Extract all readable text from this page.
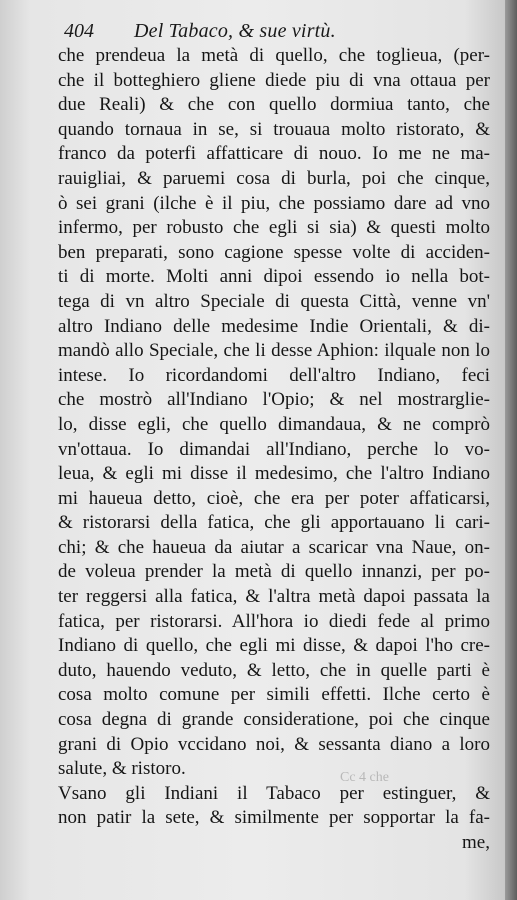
404 Del Tabaco, & sue virtù.
che prendeua la metà di quello, che toglieua, (per-
che il botteghiero gliene diede piu di vna ottaua per
due Reali) & che con quello dormiua tanto, che
quando tornaua in se, si trouaua molto ristorato, &
franco da poterfi affatticare di nouo. Io me ne ma-
rauigliai, & paruemi cosa di burla, poi che cinque,
ò sei grani (ilche è il piu, che possiamo dare ad vno
infermo, per robusto che egli si sia) & questi molto
ben preparati, sono cagione spesse volte di acciden-
ti di morte. Molti anni dipoi essendo io nella bot-
tega di vn altro Speciale di questa Città, venne vn'
altro Indiano delle medesime Indie Orientali, & di-
mandò allo Speciale, che li desse Aphion: ilquale non lo
intese. Io ricordandomi dell'altro Indiano, feci
che mostrò all'Indiano l'Opio; & nel mostrarglie-
lo, disse egli, che quello dimandaua, & ne comprò
vn'ottaua. Io dimandai all'Indiano, perche lo vo-
leua, & egli mi disse il medesimo, che l'altro Indiano
mi haueua detto, cioè, che era per poter affaticarsi,
& ristorarsi della fatica, che gli apportauano li cari-
chi; & che haueua da aiutar a scaricar vna Naue, on-
de voleua prender la metà di quello innanzi, per po-
ter reggersi alla fatica, & l'altra metà dapoi passata la
fatica, per ristorarsi. All'hora io diedi fede al primo
Indiano di quello, che egli mi disse, & dapoi l'ho cre-
duto, hauendo veduto, & letto, che in quelle parti è
cosa molto comune per simili effetti. Ilche certo è
cosa degna di grande consideratione, poi che cinque
grani di Opio vccidano noi, & sessanta diano a loro
salute, & ristoro.
Vsano gli Indiani il Tabaco per estinguer, &
non patir la sete, & similmente per sopportar la fa-
me,
Cc 4 che
